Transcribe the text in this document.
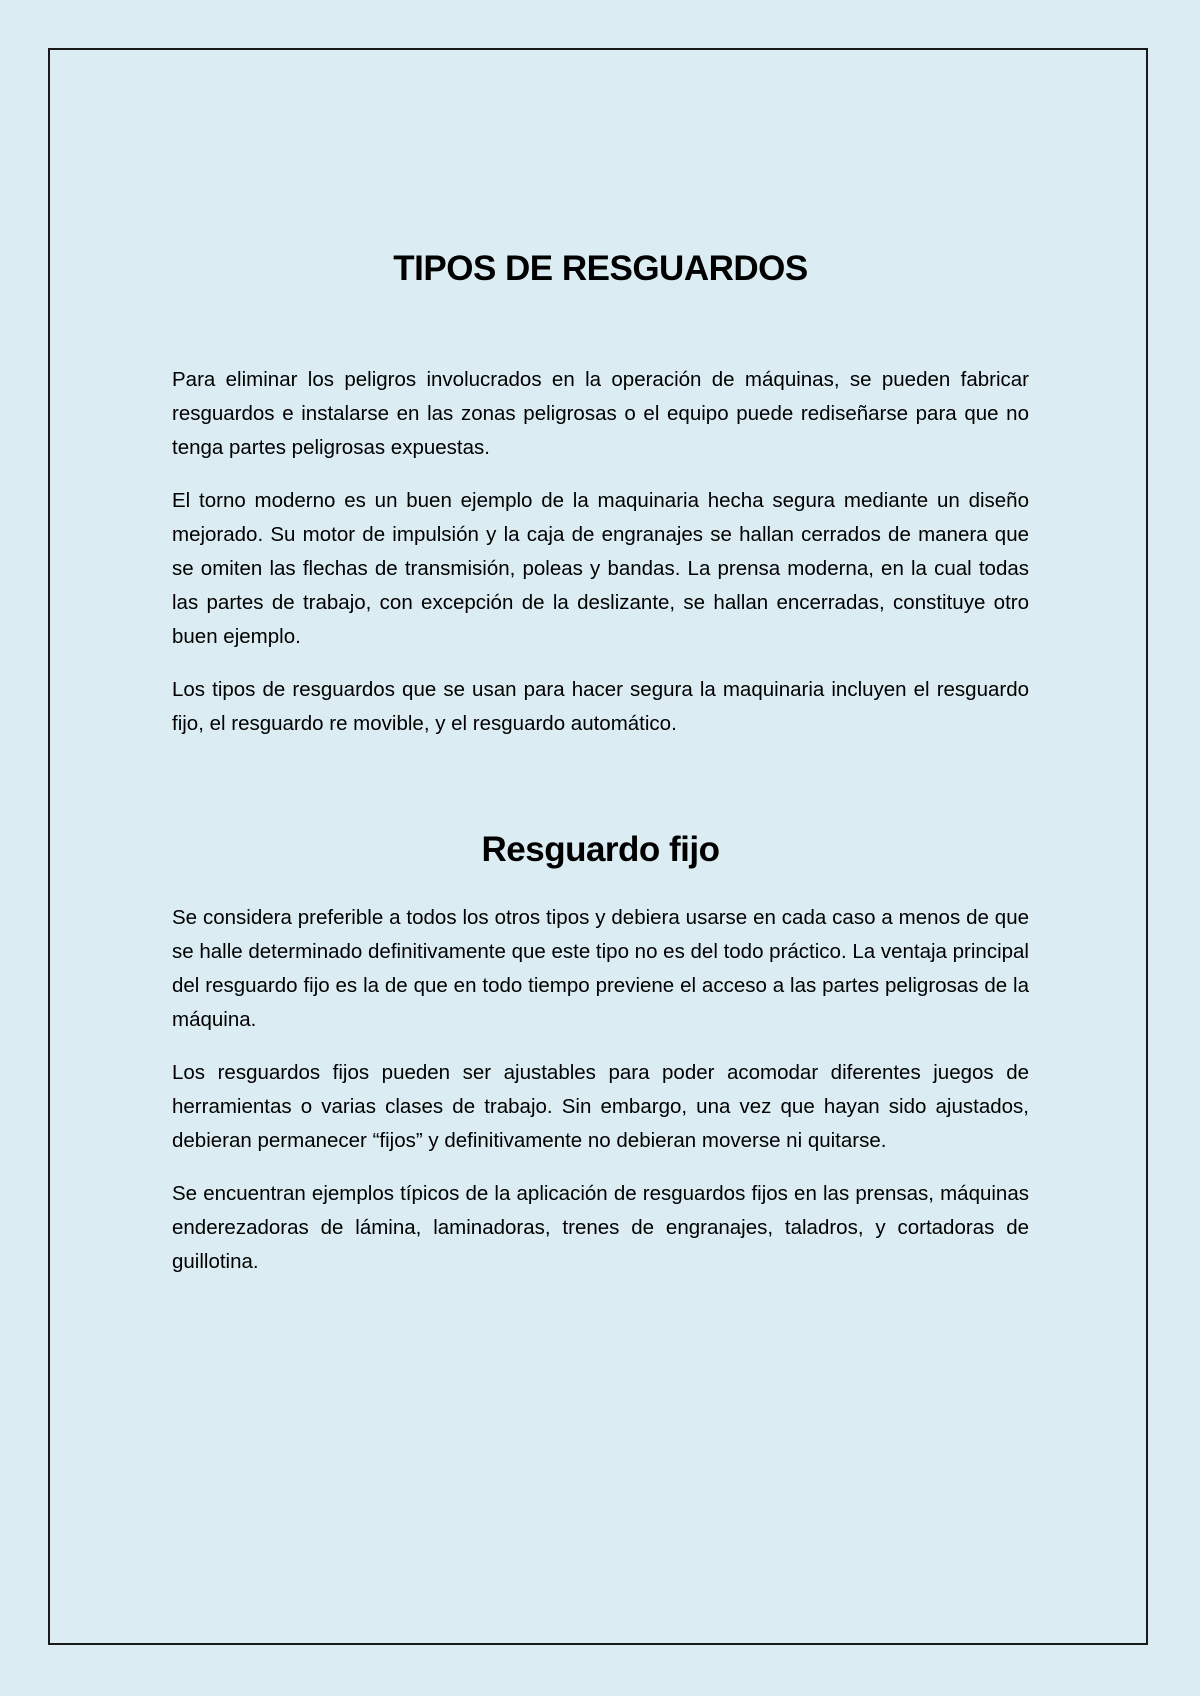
TIPOS DE RESGUARDOS

Para eliminar los peligros involucrados en la operación de máquinas, se pueden fabricar resguardos e instalarse en las zonas peligrosas o el equipo puede rediseñarse para que no tenga partes peligrosas expuestas.

El torno moderno es un buen ejemplo de la maquinaria hecha segura mediante un diseño mejorado. Su motor de impulsión y la caja de engranajes se hallan cerrados de manera que se omiten las flechas de transmisión, poleas y bandas. La prensa moderna, en la cual todas las partes de trabajo, con excepción de la deslizante, se hallan encerradas, constituye otro buen ejemplo.

Los tipos de resguardos que se usan para hacer segura la maquinaria incluyen el resguardo fijo, el resguardo re movible, y el resguardo automático.

Resguardo fijo

Se considera preferible a todos los otros tipos y debiera usarse en cada caso a menos de que se halle determinado definitivamente que este tipo no es del todo práctico. La ventaja principal del resguardo fijo es la de que en todo tiempo previene el acceso a las partes peligrosas de la máquina.

Los resguardos fijos pueden ser ajustables para poder acomodar diferentes juegos de herramientas o varias clases de trabajo. Sin embargo, una vez que hayan sido ajustados, debieran permanecer “fijos” y definitivamente no debieran moverse ni quitarse.

Se encuentran ejemplos típicos de la aplicación de resguardos fijos en las prensas, máquinas enderezadoras de lámina, laminadoras, trenes de engranajes, taladros, y cortadoras de guillotina.
